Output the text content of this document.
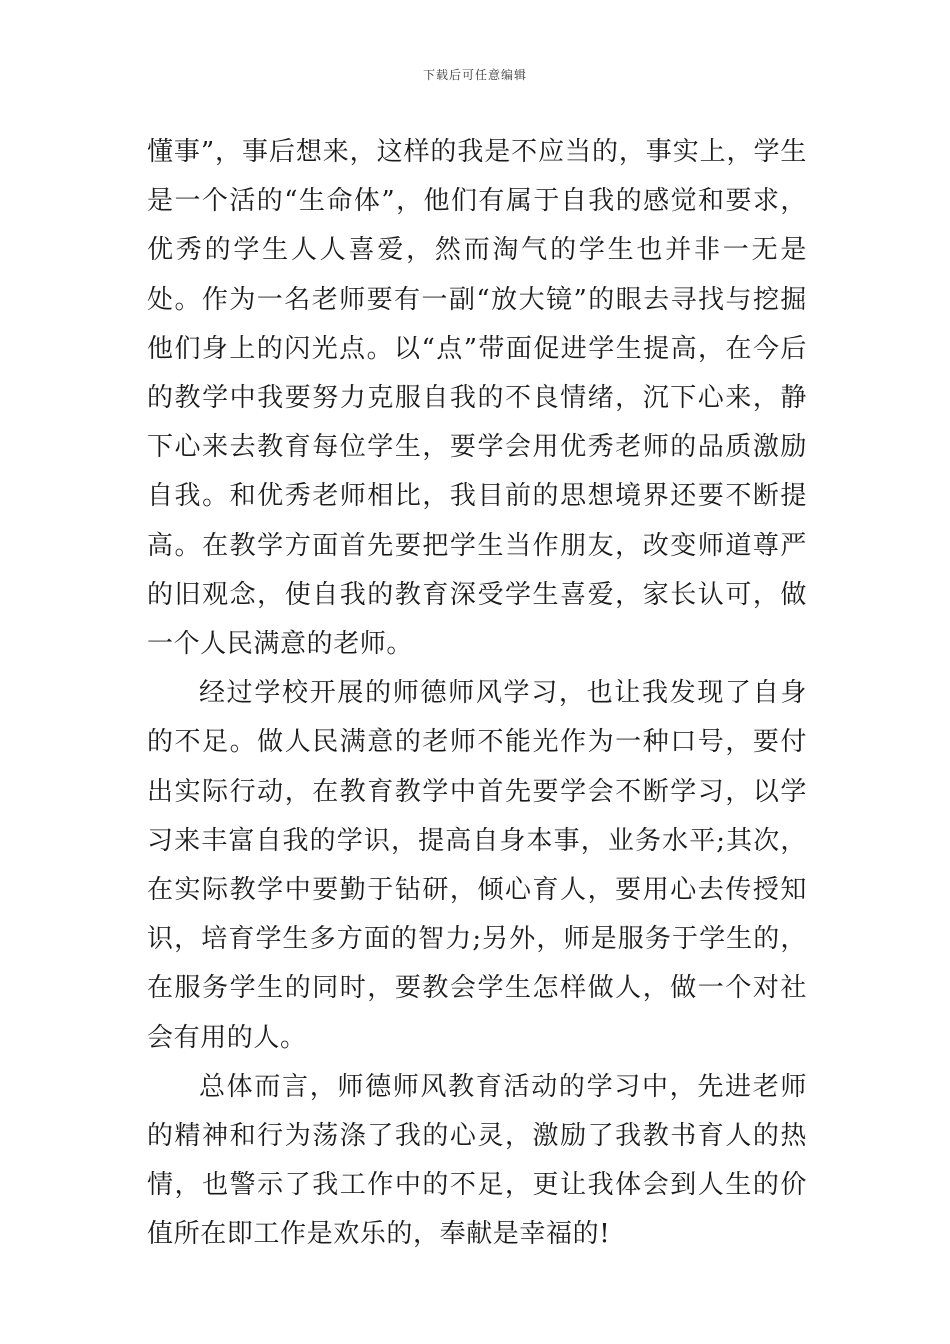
下载后可任意编辑

懂事”，事后想来，这样的我是不应当的，事实上，学生是一个活的“生命体”，他们有属于自我的感觉和要求，优秀的学生人人喜爱，然而淘气的学生也并非一无是处。作为一名老师要有一副“放大镜”的眼去寻找与挖掘他们身上的闪光点。以“点”带面促进学生提高，在今后的教学中我要努力克服自我的不良情绪，沉下心来，静下心来去教育每位学生，要学会用优秀老师的品质激励自我。和优秀老师相比，我目前的思想境界还要不断提高。在教学方面首先要把学生当作朋友，改变师道尊严的旧观念，使自我的教育深受学生喜爱，家长认可，做一个人民满意的老师。

经过学校开展的师德师风学习，也让我发现了自身的不足。做人民满意的老师不能光作为一种口号，要付出实际行动，在教育教学中首先要学会不断学习，以学习来丰富自我的学识，提高自身本事，业务水平;其次，在实际教学中要勤于钻研，倾心育人，要用心去传授知识，培育学生多方面的智力;另外，师是服务于学生的，在服务学生的同时，要教会学生怎样做人，做一个对社会有用的人。

总体而言，师德师风教育活动的学习中，先进老师的精神和行为荡涤了我的心灵，激励了我教书育人的热情，也警示了我工作中的不足，更让我体会到人生的价值所在即工作是欢乐的，奉献是幸福的!
